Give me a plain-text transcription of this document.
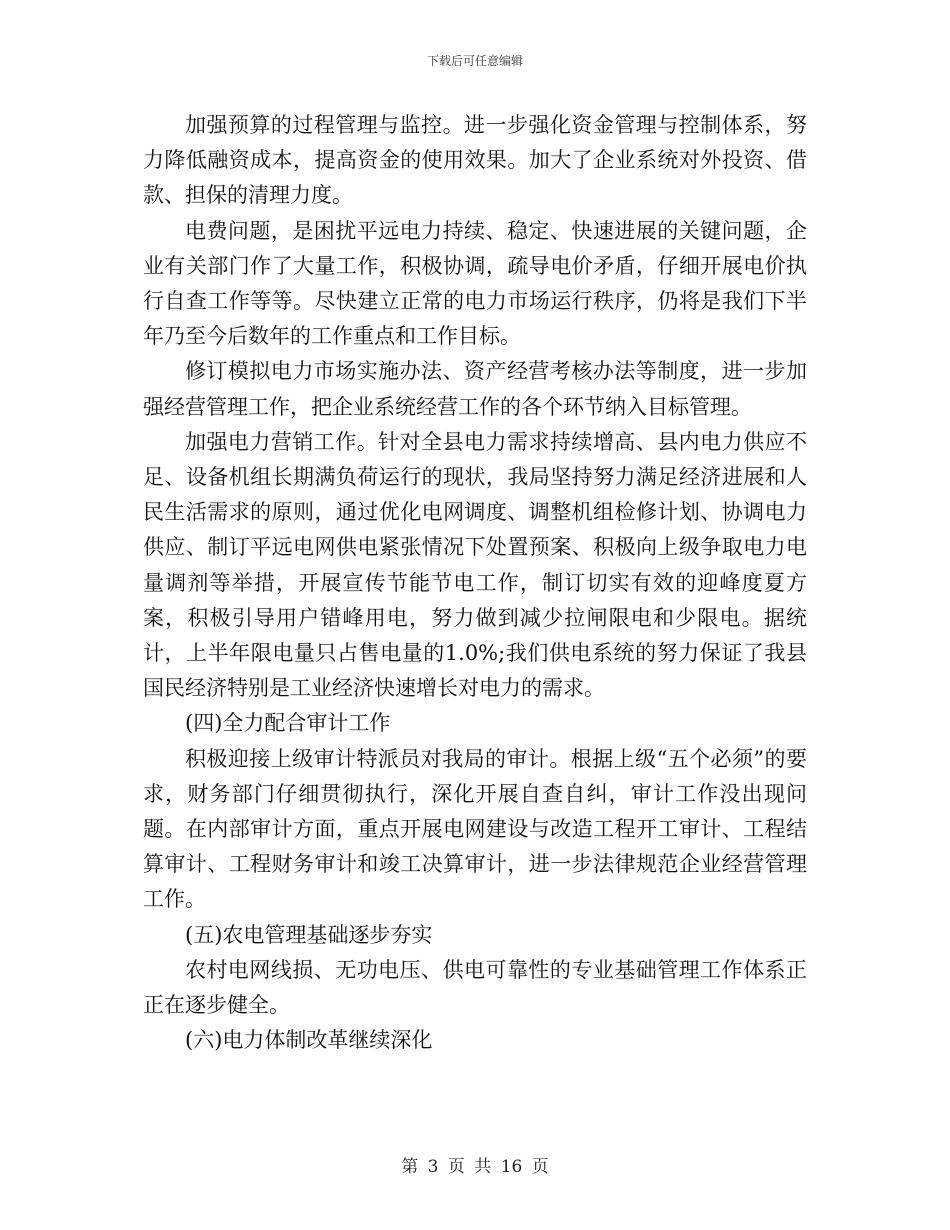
下载后可任意编辑

加强预算的过程管理与监控。进一步强化资金管理与控制体系，努力降低融资成本，提高资金的使用效果。加大了企业系统对外投资、借款、担保的清理力度。

电费问题，是困扰平远电力持续、稳定、快速进展的关键问题，企业有关部门作了大量工作，积极协调，疏导电价矛盾，仔细开展电价执行自查工作等等。尽快建立正常的电力市场运行秩序，仍将是我们下半年乃至今后数年的工作重点和工作目标。

修订模拟电力市场实施办法、资产经营考核办法等制度，进一步加强经营管理工作，把企业系统经营工作的各个环节纳入目标管理。

加强电力营销工作。针对全县电力需求持续增高、县内电力供应不足、设备机组长期满负荷运行的现状，我局坚持努力满足经济进展和人民生活需求的原则，通过优化电网调度、调整机组检修计划、协调电力供应、制订平远电网供电紧张情况下处置预案、积极向上级争取电力电量调剂等举措，开展宣传节能节电工作，制订切实有效的迎峰度夏方案，积极引导用户错峰用电，努力做到减少拉闸限电和少限电。据统计，上半年限电量只占售电量的1.0%;我们供电系统的努力保证了我县国民经济特别是工业经济快速增长对电力的需求。

(四)全力配合审计工作

积极迎接上级审计特派员对我局的审计。根据上级“五个必须”的要求，财务部门仔细贯彻执行，深化开展自查自纠，审计工作没出现问题。在内部审计方面，重点开展电网建设与改造工程开工审计、工程结算审计、工程财务审计和竣工决算审计，进一步法律规范企业经营管理工作。

(五)农电管理基础逐步夯实

农村电网线损、无功电压、供电可靠性的专业基础管理工作体系正正在逐步健全。

(六)电力体制改革继续深化

第 3 页 共 16 页
